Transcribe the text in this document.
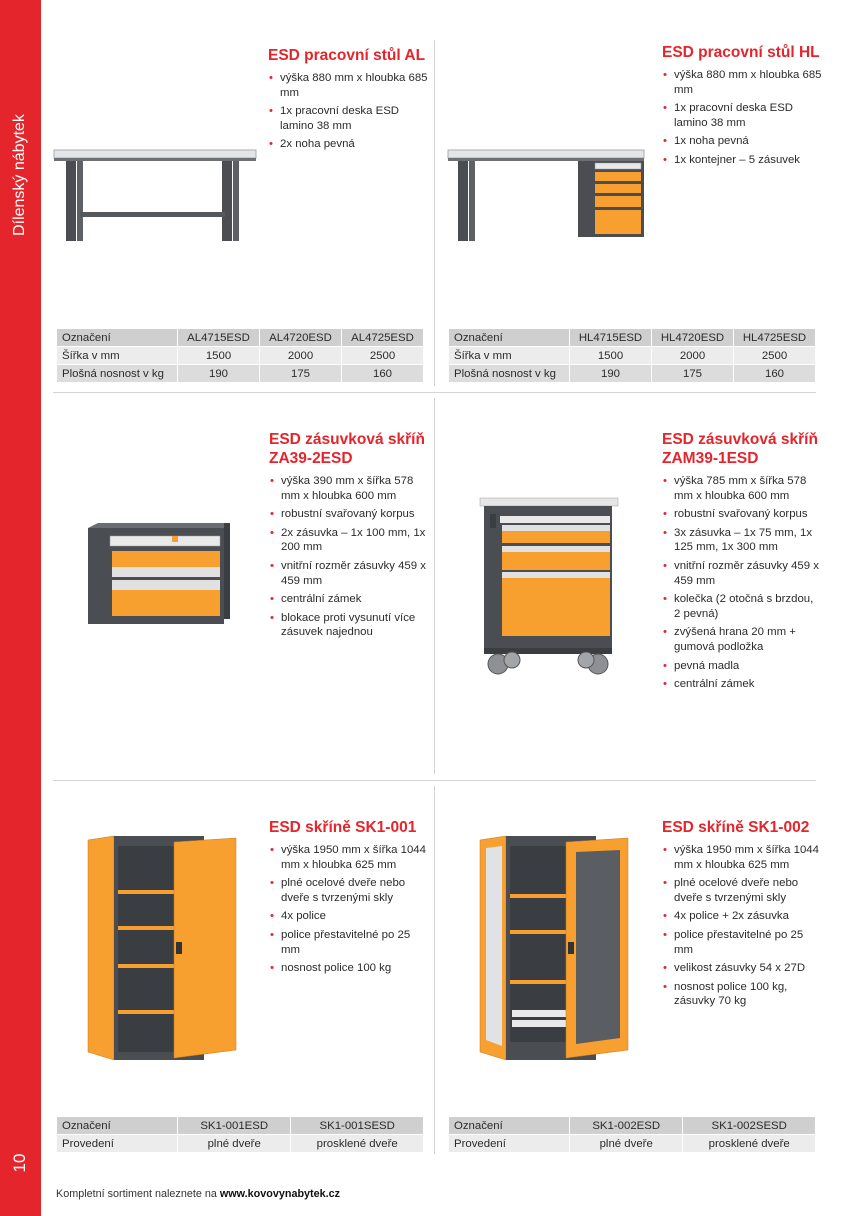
Dílenský nábytek
10
ESD pracovní stůl AL
• výška 880 mm x hloubka 685 mm
• 1x pracovní deska ESD lamino 38 mm
• 2x noha pevná
ESD pracovní stůl HL
• výška 880 mm x hloubka 685 mm
• 1x pracovní deska ESD lamino 38 mm
• 1x noha pevná
• 1x kontejner – 5 zásuvek
Označení	AL4715ESD	AL4720ESD	AL4725ESD
Šířka v mm	1500	2000	2500
Plošná nosnost v kg	190	175	160
Označení	HL4715ESD	HL4720ESD	HL4725ESD
Šířka v mm	1500	2000	2500
Plošná nosnost v kg	190	175	160
ESD zásuvková skříň
ZA39-2ESD
• výška 390 mm x šířka 578 mm x hloubka 600 mm
• robustní svařovaný korpus
• 2x zásuvka – 1x 100 mm, 1x 200 mm
• vnitřní rozměr zásuvky 459 x 459 mm
• centrální zámek
• blokace proti vysunutí více zásuvek najednou
ESD zásuvková skříň
ZAM39-1ESD
• výška 785 mm x šířka 578 mm x hloubka 600 mm
• robustní svařovaný korpus
• 3x zásuvka – 1x 75 mm, 1x 125 mm, 1x 300 mm
• vnitřní rozměr zásuvky 459 x 459 mm
• kolečka (2 otočná s brzdou, 2 pevná)
• zvýšená hrana 20 mm + gumová podložka
• pevná madla
• centrální zámek
ESD skříně SK1-001
• výška 1950 mm x šířka 1044 mm x hloubka 625 mm
• plné ocelové dveře nebo dveře s tvrzenými skly
• 4x police
• police přestavitelné po 25 mm
• nosnost police 100 kg
ESD skříně SK1-002
• výška 1950 mm x šířka 1044 mm x hloubka 625 mm
• plné ocelové dveře nebo dveře s tvrzenými skly
• 4x police + 2x zásuvka
• police přestavitelné po 25 mm
• velikost zásuvky 54 x 27D
• nosnost police 100 kg, zásuvky 70 kg
Označení	SK1-001ESD	SK1-001SESD
Provedení	plné dveře	prosklené dveře
Označení	SK1-002ESD	SK1-002SESD
Provedení	plné dveře	prosklené dveře
Kompletní sortiment naleznete na www.kovovynabytek.cz
